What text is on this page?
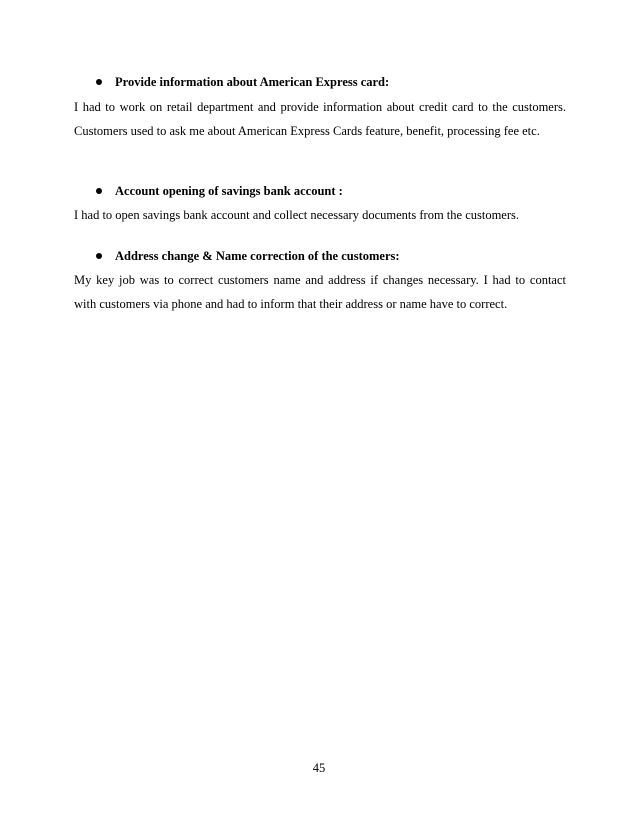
Provide information about American Express card:
I had to work on retail department and provide information about credit card to the customers.
Customers used to ask me about American Express Cards feature, benefit, processing fee etc.
Account opening of savings bank account :
I had to open savings bank account and collect necessary documents from the customers.
Address change & Name correction of the customers:
My key job was to correct customers name and address if changes necessary. I had to contact
with customers via phone and had to inform that their address or name have to correct.
45
